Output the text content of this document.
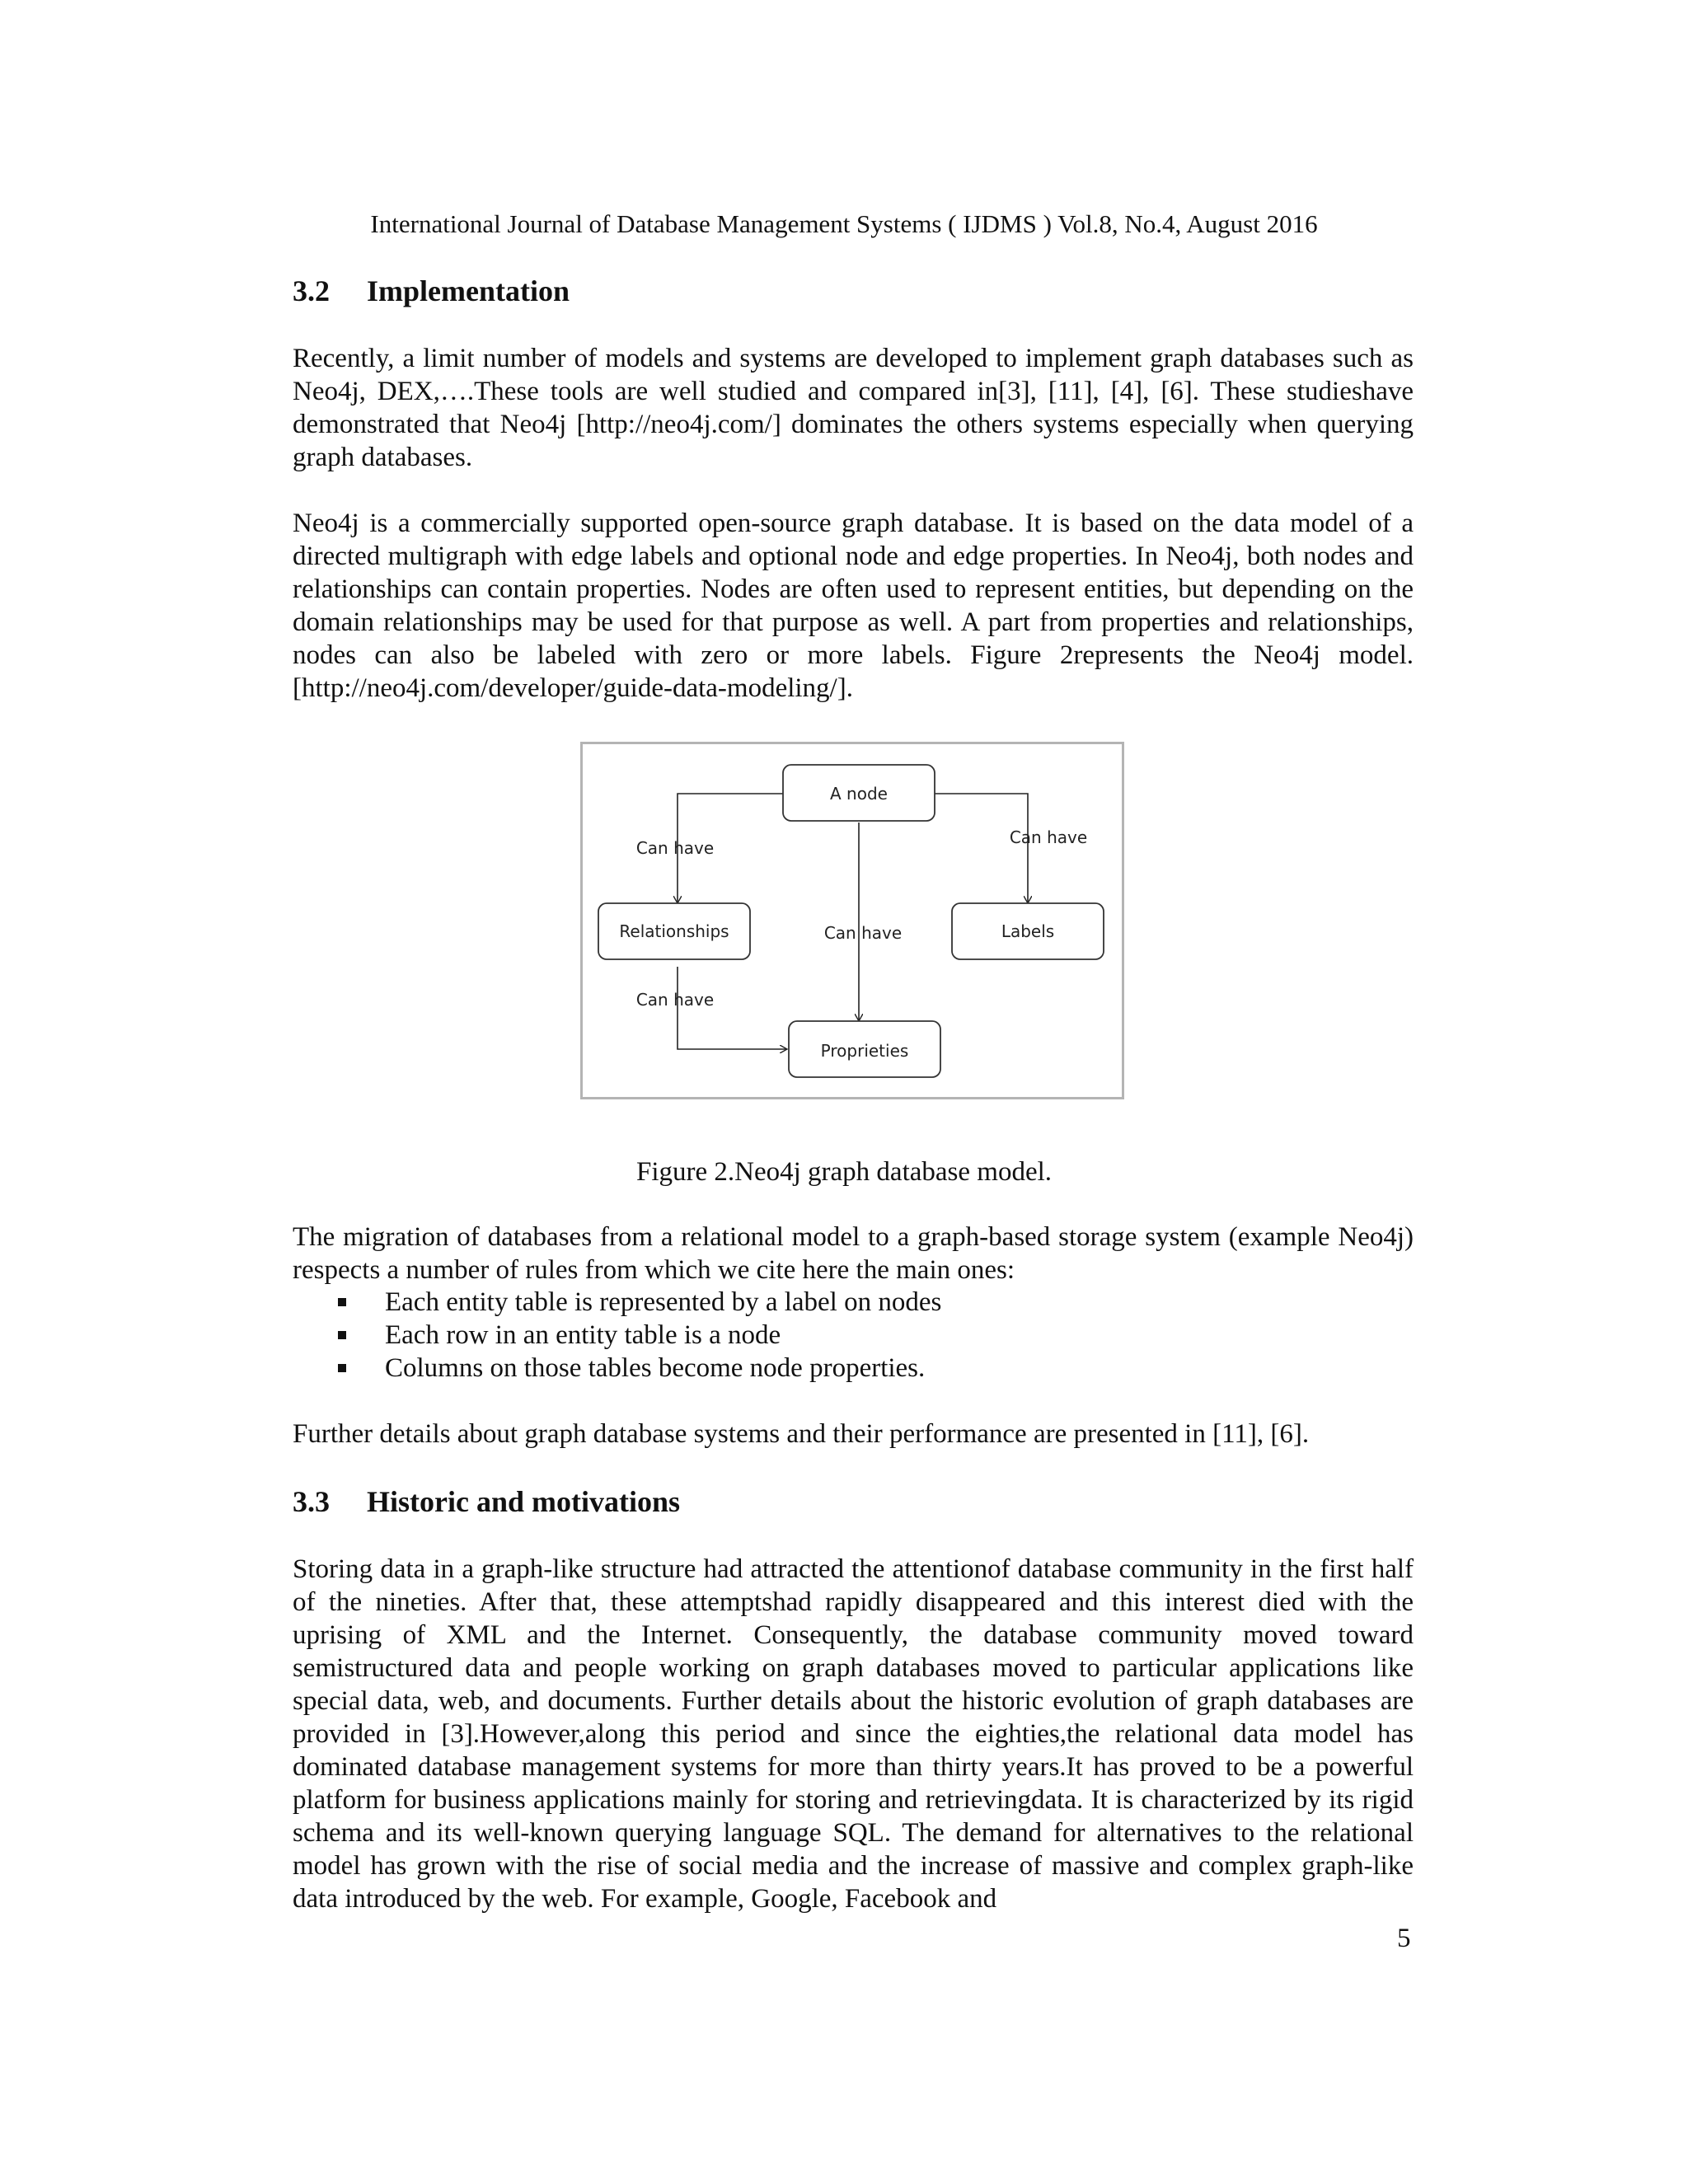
International Journal of Database Management Systems ( IJDMS ) Vol.8, No.4, August 2016
3.2 Implementation
Recently, a limit number of models and systems are developed to implement graph databases such as Neo4j, DEX,….These tools are well studied and compared in[3], [11], [4], [6]. These studieshave demonstrated that Neo4j [http://neo4j.com/] dominates the others systems especially when querying graph databases.
Neo4j is a commercially supported open-source graph database. It is based on the data model of a directed multigraph with edge labels and optional node and edge properties. In Neo4j, both nodes and relationships can contain properties. Nodes are often used to represent entities, but depending on the domain relationships may be used for that purpose as well. A part from properties and relationships, nodes can also be labeled with zero or more labels. Figure 2represents the Neo4j model. [http://neo4j.com/developer/guide-data-modeling/].
A node
Relationships	Labels
Proprieties
Can have
Can have
Can have
Can have
Figure 2.Neo4j graph database model.
The migration of databases from a relational model to a graph-based storage system (example Neo4j) respects a number of rules from which we cite here the main ones:
Each entity table is represented by a label on nodes
Each row in an entity table is a node
Columns on those tables become node properties.
Further details about graph database systems and their performance are presented in [11], [6].
3.3 Historic and motivations
Storing data in a graph-like structure had attracted the attentionof database community in the first half of the nineties. After that, these attemptshad rapidly disappeared and this interest died with the uprising of XML and the Internet. Consequently, the database community moved toward semistructured data and people working on graph databases moved to particular applications like special data, web, and documents. Further details about the historic evolution of graph databases are provided in [3].However,along this period and since the eighties,the relational data model has dominated database management systems for more than thirty years.It has proved to be a powerful platform for business applications mainly for storing and retrievingdata. It is characterized by its rigid schema and its well-known querying language SQL. The demand for alternatives to the relational model has grown with the rise of social media and the increase of massive and complex graph-like data introduced by the web. For example, Google, Facebook and
5
